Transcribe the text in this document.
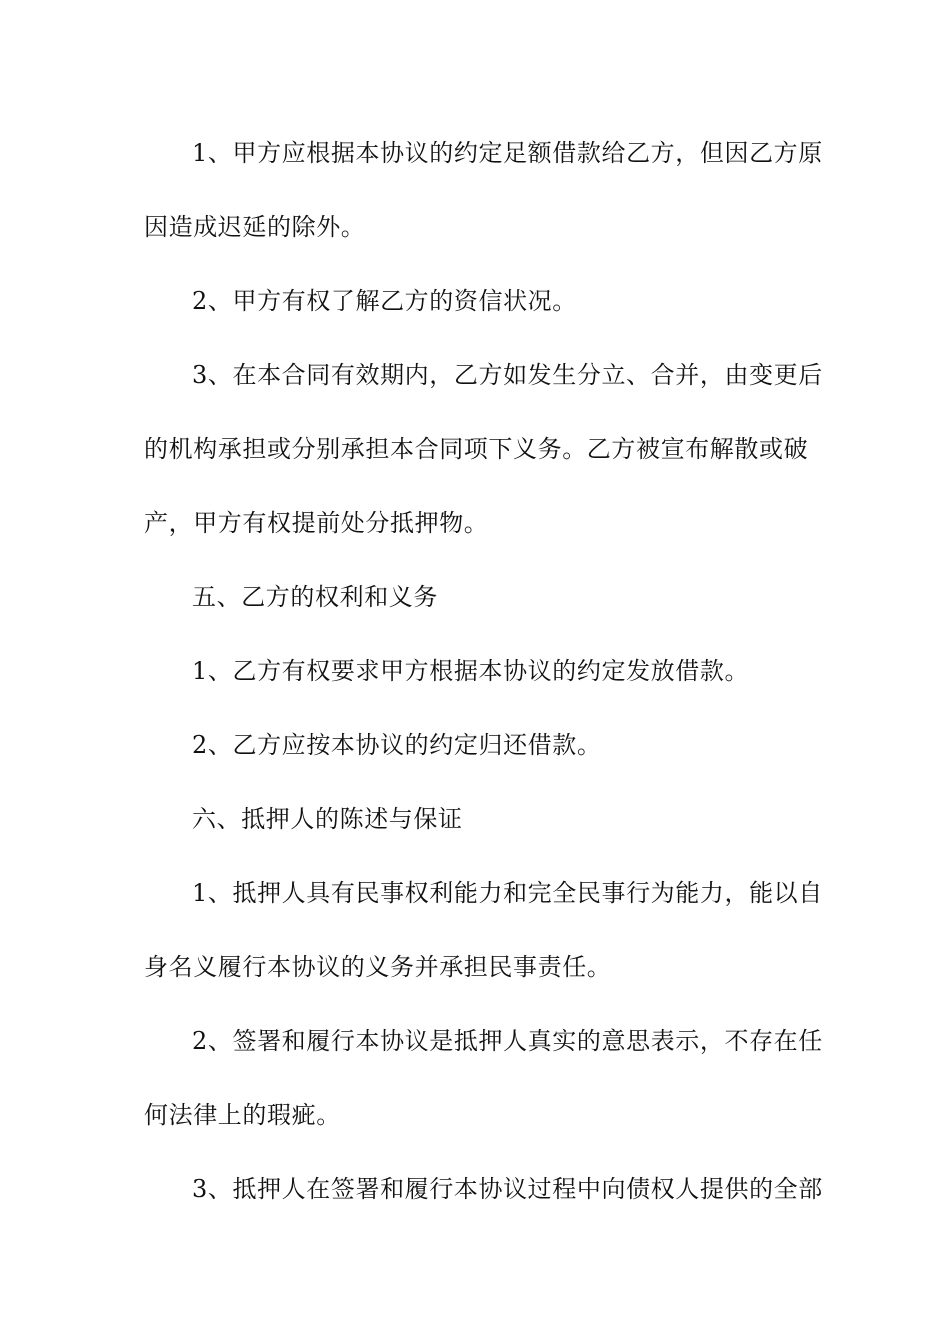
1、甲方应根据本协议的约定足额借款给乙方，但因乙方原
因造成迟延的除外。
2、甲方有权了解乙方的资信状况。
3、在本合同有效期内，乙方如发生分立、合并，由变更后
的机构承担或分别承担本合同项下义务。乙方被宣布解散或破
产，甲方有权提前处分抵押物。
五、乙方的权利和义务
1、乙方有权要求甲方根据本协议的约定发放借款。
2、乙方应按本协议的约定归还借款。
六、抵押人的陈述与保证
1、抵押人具有民事权利能力和完全民事行为能力，能以自
身名义履行本协议的义务并承担民事责任。
2、签署和履行本协议是抵押人真实的意思表示，不存在任
何法律上的瑕疵。
3、抵押人在签署和履行本协议过程中向债权人提供的全部
